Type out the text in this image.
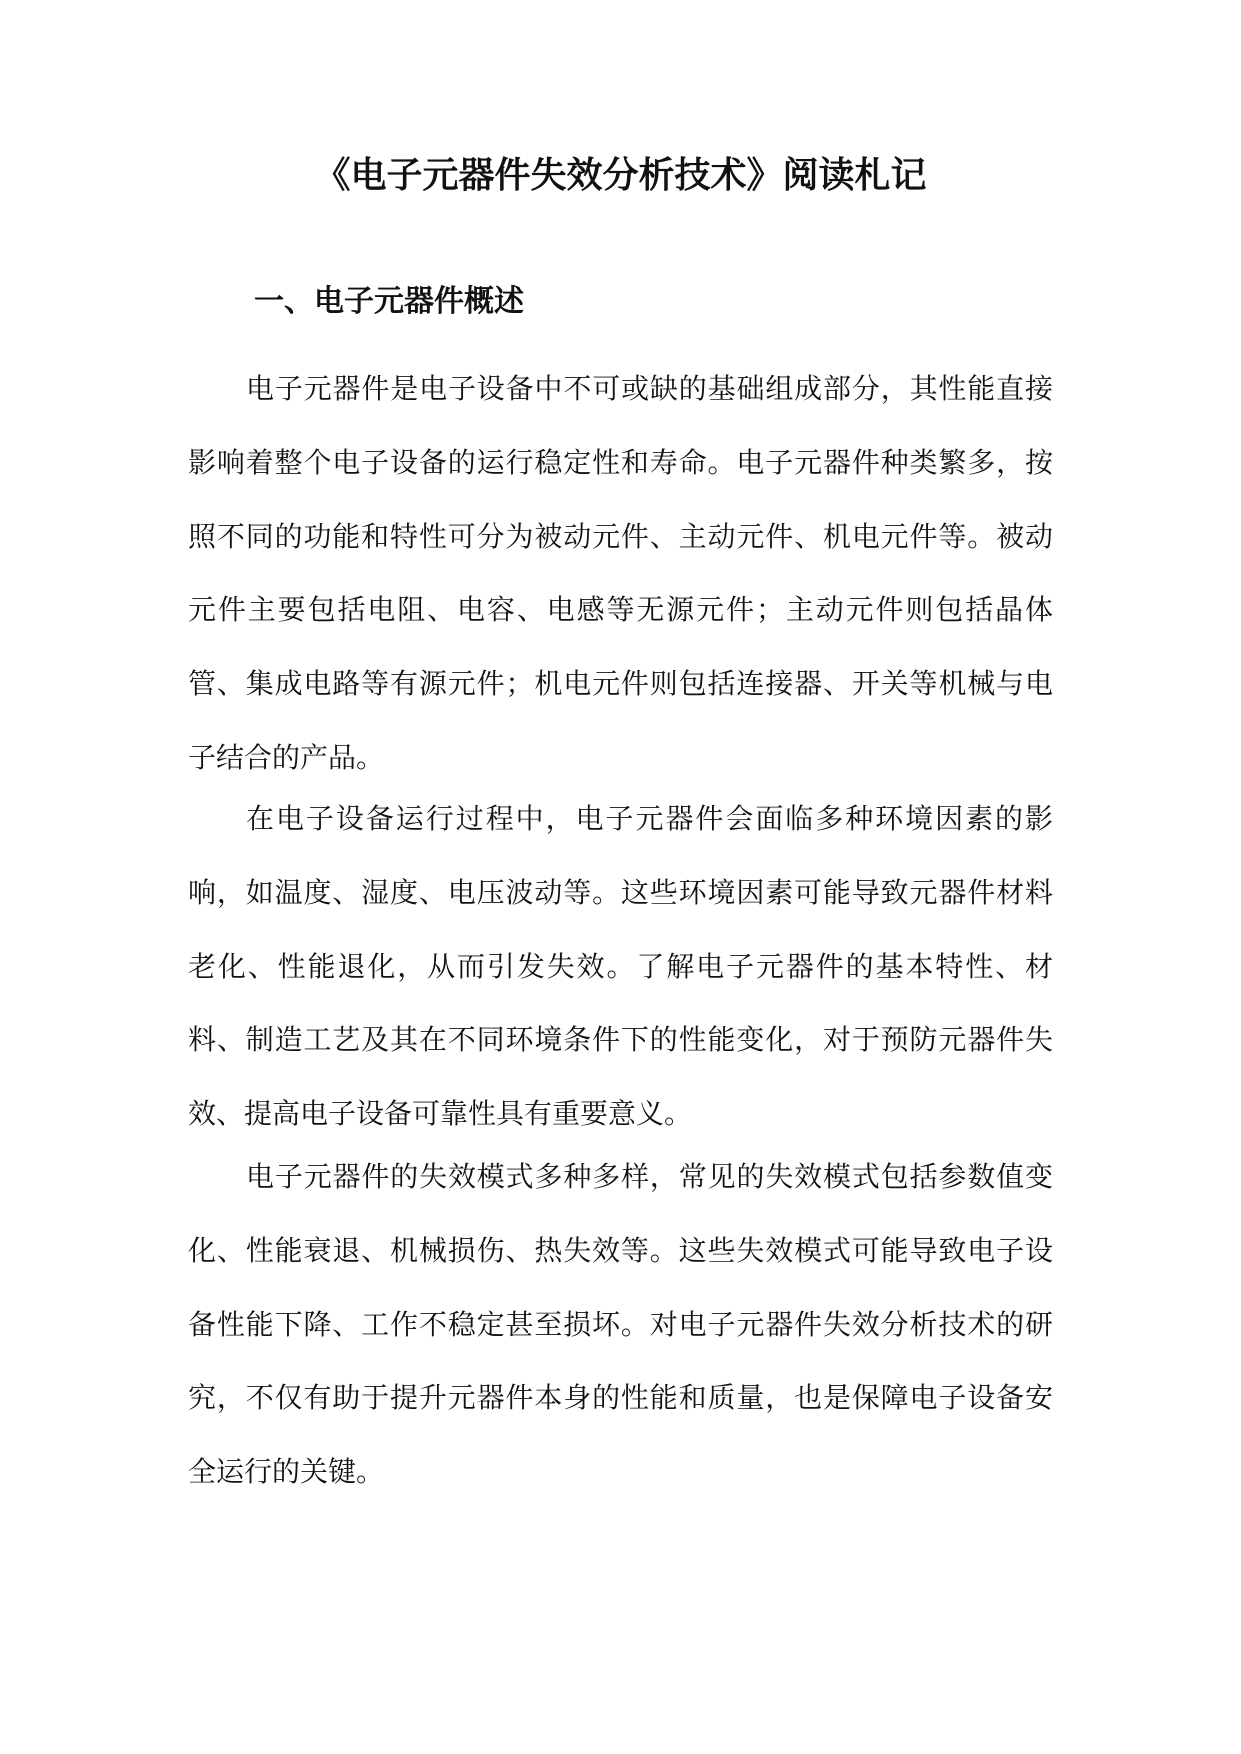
《电子元器件失效分析技术》阅读札记
一、电子元器件概述

电子元器件是电子设备中不可或缺的基础组成部分，其性能直接影响着整个电子设备的运行稳定性和寿命。电子元器件种类繁多，按照不同的功能和特性可分为被动元件、主动元件、机电元件等。被动元件主要包括电阻、电容、电感等无源元件；主动元件则包括晶体管、集成电路等有源元件；机电元件则包括连接器、开关等机械与电子结合的产品。

在电子设备运行过程中，电子元器件会面临多种环境因素的影响，如温度、湿度、电压波动等。这些环境因素可能导致元器件材料老化、性能退化，从而引发失效。了解电子元器件的基本特性、材料、制造工艺及其在不同环境条件下的性能变化，对于预防元器件失效、提高电子设备可靠性具有重要意义。

电子元器件的失效模式多种多样，常见的失效模式包括参数值变化、性能衰退、机械损伤、热失效等。这些失效模式可能导致电子设备性能下降、工作不稳定甚至损坏。对电子元器件失效分析技术的研究，不仅有助于提升元器件本身的性能和质量，也是保障电子设备安全运行的关键。
